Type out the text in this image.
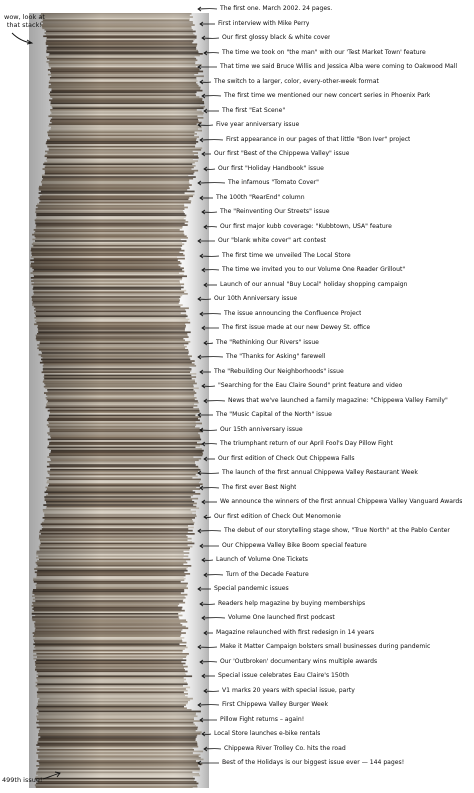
wow, look at
that stack!
499th issue!
The first one. March 2002. 24 pages.
First interview with Mike Perry
Our first glossy black & white cover
The time we took on "the man" with our 'Test Market Town' feature
That time we said Bruce Willis and Jessica Alba were coming to Oakwood Mall
The switch to a larger, color, every-other-week format
The first time we mentioned our new concert series in Phoenix Park
The first "Eat Scene"
Five year anniversary issue
First appearance in our pages of that little "Bon Iver" project
Our first "Best of the Chippewa Valley" issue
Our first "Holiday Handbook" issue
The infamous "Tomato Cover"
The 100th "RearEnd" column
The "Reinventing Our Streets" issue
Our first major kubb coverage: "Kubbtown, USA" feature
Our "blank white cover" art contest
The first time we unveiled The Local Store
The time we invited you to our Volume One Reader Grillout"
Launch of our annual "Buy Local" holiday shopping campaign
Our 10th Anniversary issue
The issue announcing the Confluence Project
The first issue made at our new Dewey St. office
The "Rethinking Our Rivers" issue
The "Thanks for Asking" farewell
The "Rebuilding Our Neighborhoods" issue
"Searching for the Eau Claire Sound" print feature and video
News that we've launched a family magazine: "Chippewa Valley Family"
The "Music Capital of the North" issue
Our 15th anniversary issue
The triumphant return of our April Fool's Day Pillow Fight
Our first edition of Check Out Chippewa Falls
The launch of the first annual Chippewa Valley Restaurant Week
The first ever Best Night
We announce the winners of the first annual Chippewa Valley Vanguard Awards
Our first edition of Check Out Menomonie
The debut of our storytelling stage show, "True North" at the Pablo Center
Our Chippewa Valley Bike Boom special feature
Launch of Volume One Tickets
Turn of the Decade Feature
Special pandemic issues
Readers help magazine by buying memberships
Volume One launched first podcast
Magazine relaunched with first redesign in 14 years
Make it Matter Campaign bolsters small businesses during pandemic
Our 'Outbroken' documentary wins multiple awards
Special issue celebrates Eau Claire's 150th
V1 marks 20 years with special issue, party
First Chippewa Valley Burger Week
Pillow Fight returns – again!
Local Store launches e-bike rentals
Chippewa River Trolley Co. hits the road
Best of the Holidays is our biggest issue ever — 144 pages!
